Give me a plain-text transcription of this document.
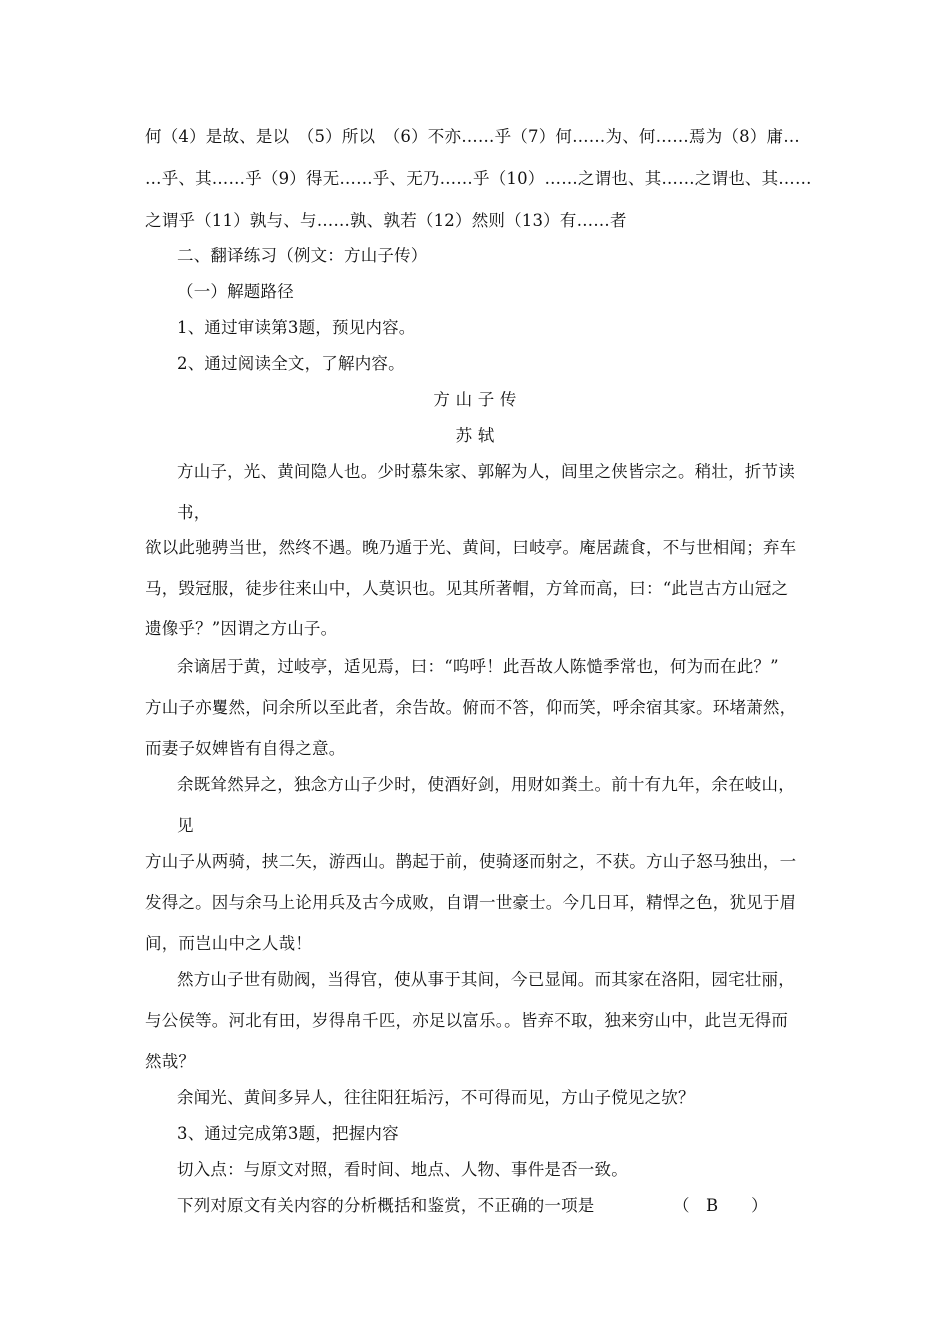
何（4）是故、是以　（5）所以　（6）不亦……乎（7）何……为、何……焉为（8）庸…
…乎、其……乎（9）得无……乎、无乃……乎（10）……之谓也、其……之谓也、其……
之谓乎（11）孰与、与……孰、孰若（12）然则（13）有……者
二、翻译练习（例文：方山子传）
（一）解题路径
1、通过审读第3题，预见内容。
2、通过阅读全文，了解内容。
方 山 子 传
苏 轼
方山子，光、黄间隐人也。少时慕朱家、郭解为人，闾里之侠皆宗之。稍壮，折节读
书，
欲以此驰骋当世，然终不遇。晚乃遁于光、黄间，曰岐亭。庵居蔬食，不与世相闻；弃车
马，毁冠服，徒步往来山中，人莫识也。见其所著帽，方耸而高，曰：“此岂古方山冠之
遗像乎？”因谓之方山子。
余谪居于黄，过岐亭，适见焉，曰：“呜呼！此吾故人陈慥季常也，何为而在此？”
方山子亦矍然，问余所以至此者，余告故。俯而不答，仰而笑，呼余宿其家。环堵萧然，
而妻子奴婢皆有自得之意。
余既耸然异之，独念方山子少时，使酒好剑，用财如粪土。前十有九年，余在岐山，
见
方山子从两骑，挟二矢，游西山。鹊起于前，使骑逐而射之，不获。方山子怒马独出，一
发得之。因与余马上论用兵及古今成败，自谓一世豪士。今几日耳，精悍之色，犹见于眉
间，而岂山中之人哉！
然方山子世有勋阀，当得官，使从事于其间，今已显闻。而其家在洛阳，园宅壮丽，
与公侯等。河北有田，岁得帛千匹，亦足以富乐。。皆弃不取，独来穷山中，此岂无得而
然哉？
余闻光、黄间多异人，往往阳狂垢污，不可得而见，方山子傥见之欤？
3、通过完成第3题，把握内容
切入点：与原文对照，看时间、地点、人物、事件是否一致。
下列对原文有关内容的分析概括和鉴赏，不正确的一项是	（　B　　）
